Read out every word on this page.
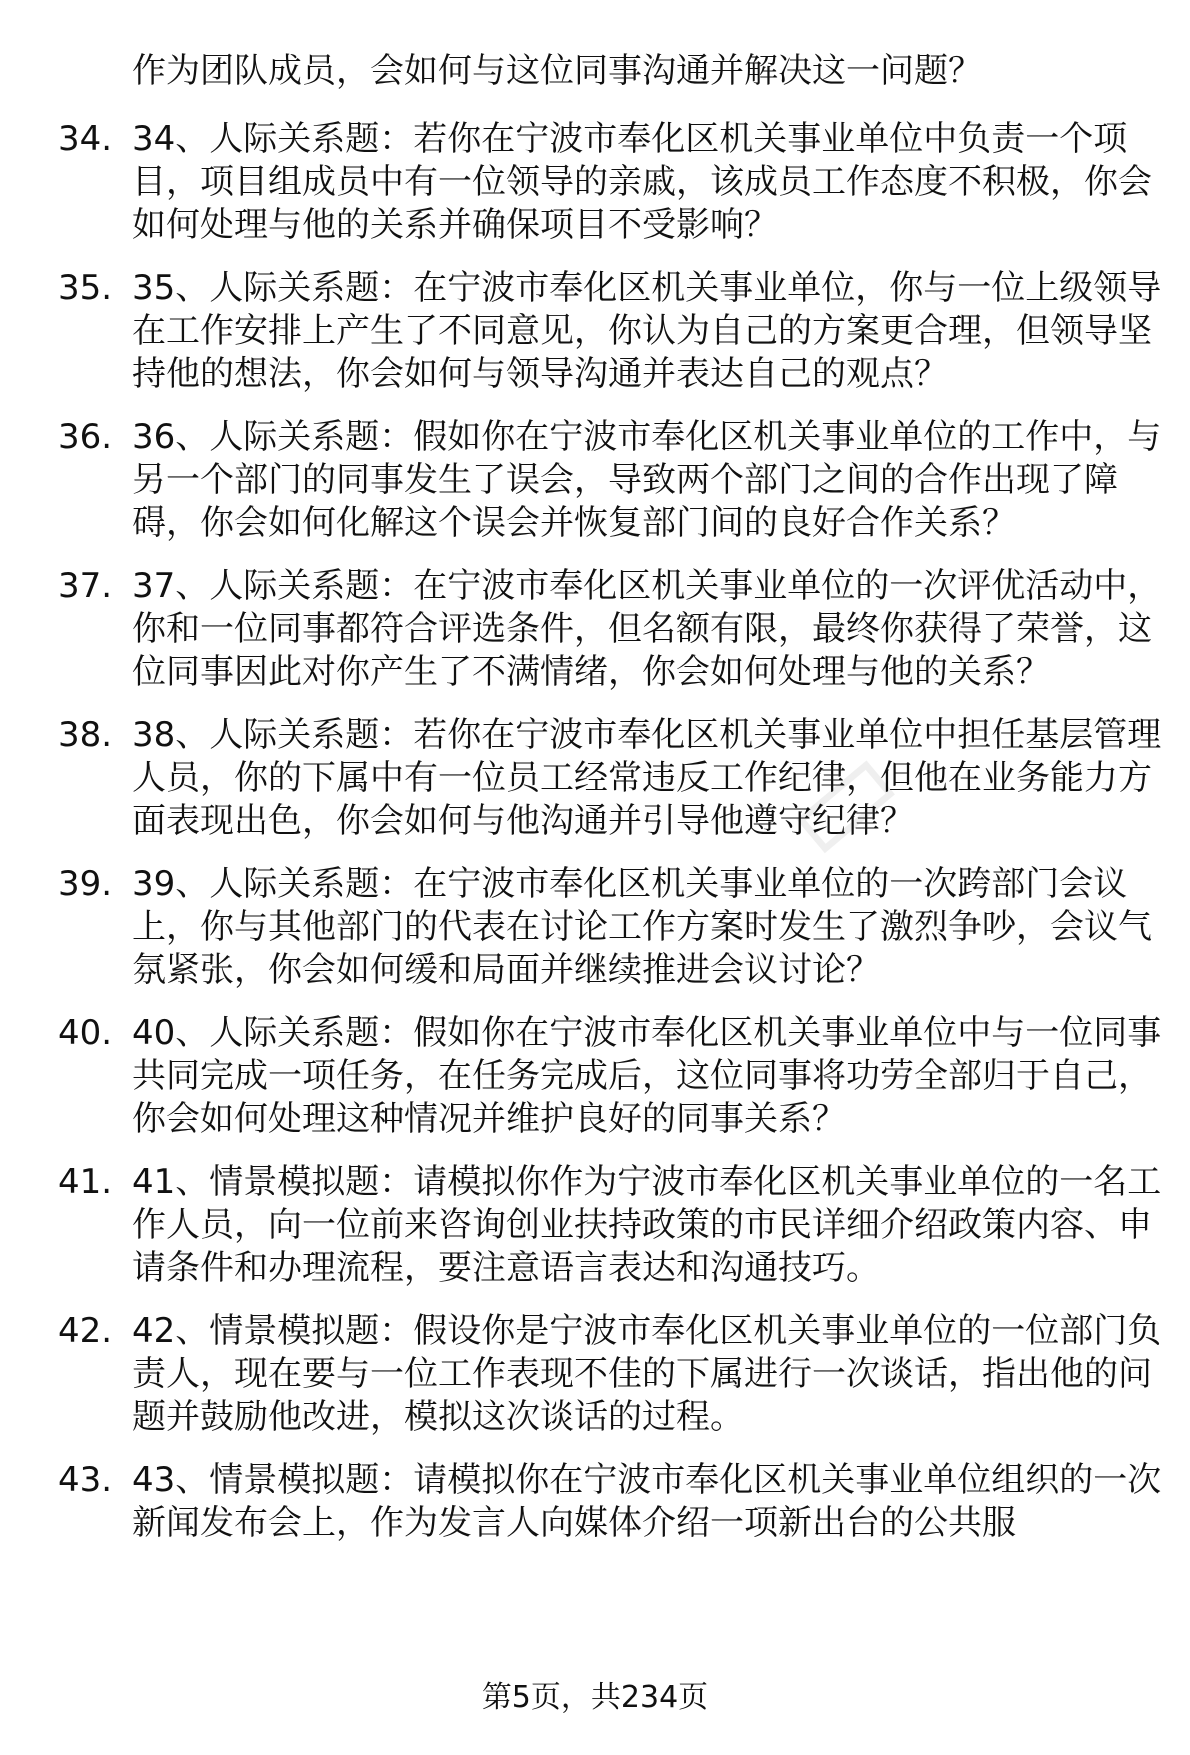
▭

作为团队成员，会如何与这位同事沟通并解决这一问题？

34. 34、人际关系题：若你在宁波市奉化区机关事业单位中负责一个项目，项目组成员中有一位领导的亲戚，该成员工作态度不积极，你会如何处理与他的关系并确保项目不受影响？
35. 35、人际关系题：在宁波市奉化区机关事业单位，你与一位上级领导在工作安排上产生了不同意见，你认为自己的方案更合理，但领导坚持他的想法，你会如何与领导沟通并表达自己的观点？
36. 36、人际关系题：假如你在宁波市奉化区机关事业单位的工作中，与另一个部门的同事发生了误会，导致两个部门之间的合作出现了障碍，你会如何化解这个误会并恢复部门间的良好合作关系？
37. 37、人际关系题：在宁波市奉化区机关事业单位的一次评优活动中，你和一位同事都符合评选条件，但名额有限，最终你获得了荣誉，这位同事因此对你产生了不满情绪，你会如何处理与他的关系？
38. 38、人际关系题：若你在宁波市奉化区机关事业单位中担任基层管理人员，你的下属中有一位员工经常违反工作纪律，但他在业务能力方面表现出色，你会如何与他沟通并引导他遵守纪律？
39. 39、人际关系题：在宁波市奉化区机关事业单位的一次跨部门会议上，你与其他部门的代表在讨论工作方案时发生了激烈争吵，会议气氛紧张，你会如何缓和局面并继续推进会议讨论？
40. 40、人际关系题：假如你在宁波市奉化区机关事业单位中与一位同事共同完成一项任务，在任务完成后，这位同事将功劳全部归于自己，你会如何处理这种情况并维护良好的同事关系？
41. 41、情景模拟题：请模拟你作为宁波市奉化区机关事业单位的一名工作人员，向一位前来咨询创业扶持政策的市民详细介绍政策内容、申请条件和办理流程，要注意语言表达和沟通技巧。
42. 42、情景模拟题：假设你是宁波市奉化区机关事业单位的一位部门负责人，现在要与一位工作表现不佳的下属进行一次谈话，指出他的问题并鼓励他改进，模拟这次谈话的过程。
43. 43、情景模拟题：请模拟你在宁波市奉化区机关事业单位组织的一次新闻发布会上，作为发言人向媒体介绍一项新出台的公共服
第5页，共234页
